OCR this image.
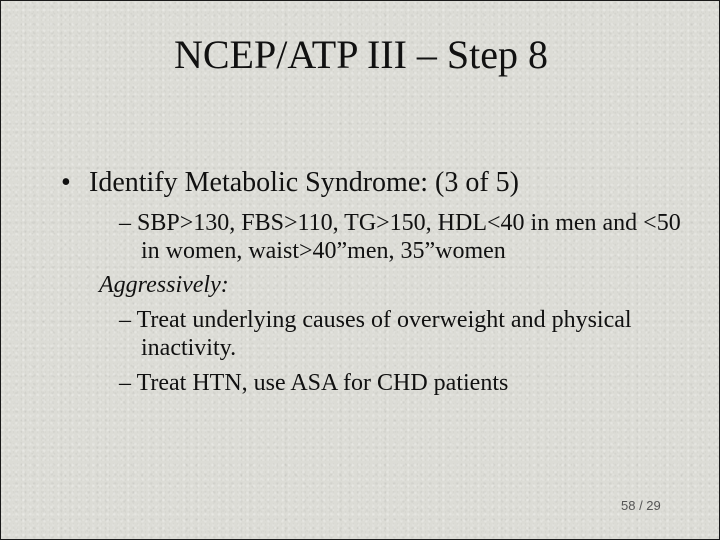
NCEP/ATP III – Step 8
• Identify Metabolic Syndrome: (3 of 5)
– SBP>130, FBS>110, TG>150, HDL<40 in men and <50 in women, waist>40”men, 35”women
Aggressively:
– Treat underlying causes of overweight and physical inactivity.
– Treat HTN, use ASA for CHD patients
58 / 29
